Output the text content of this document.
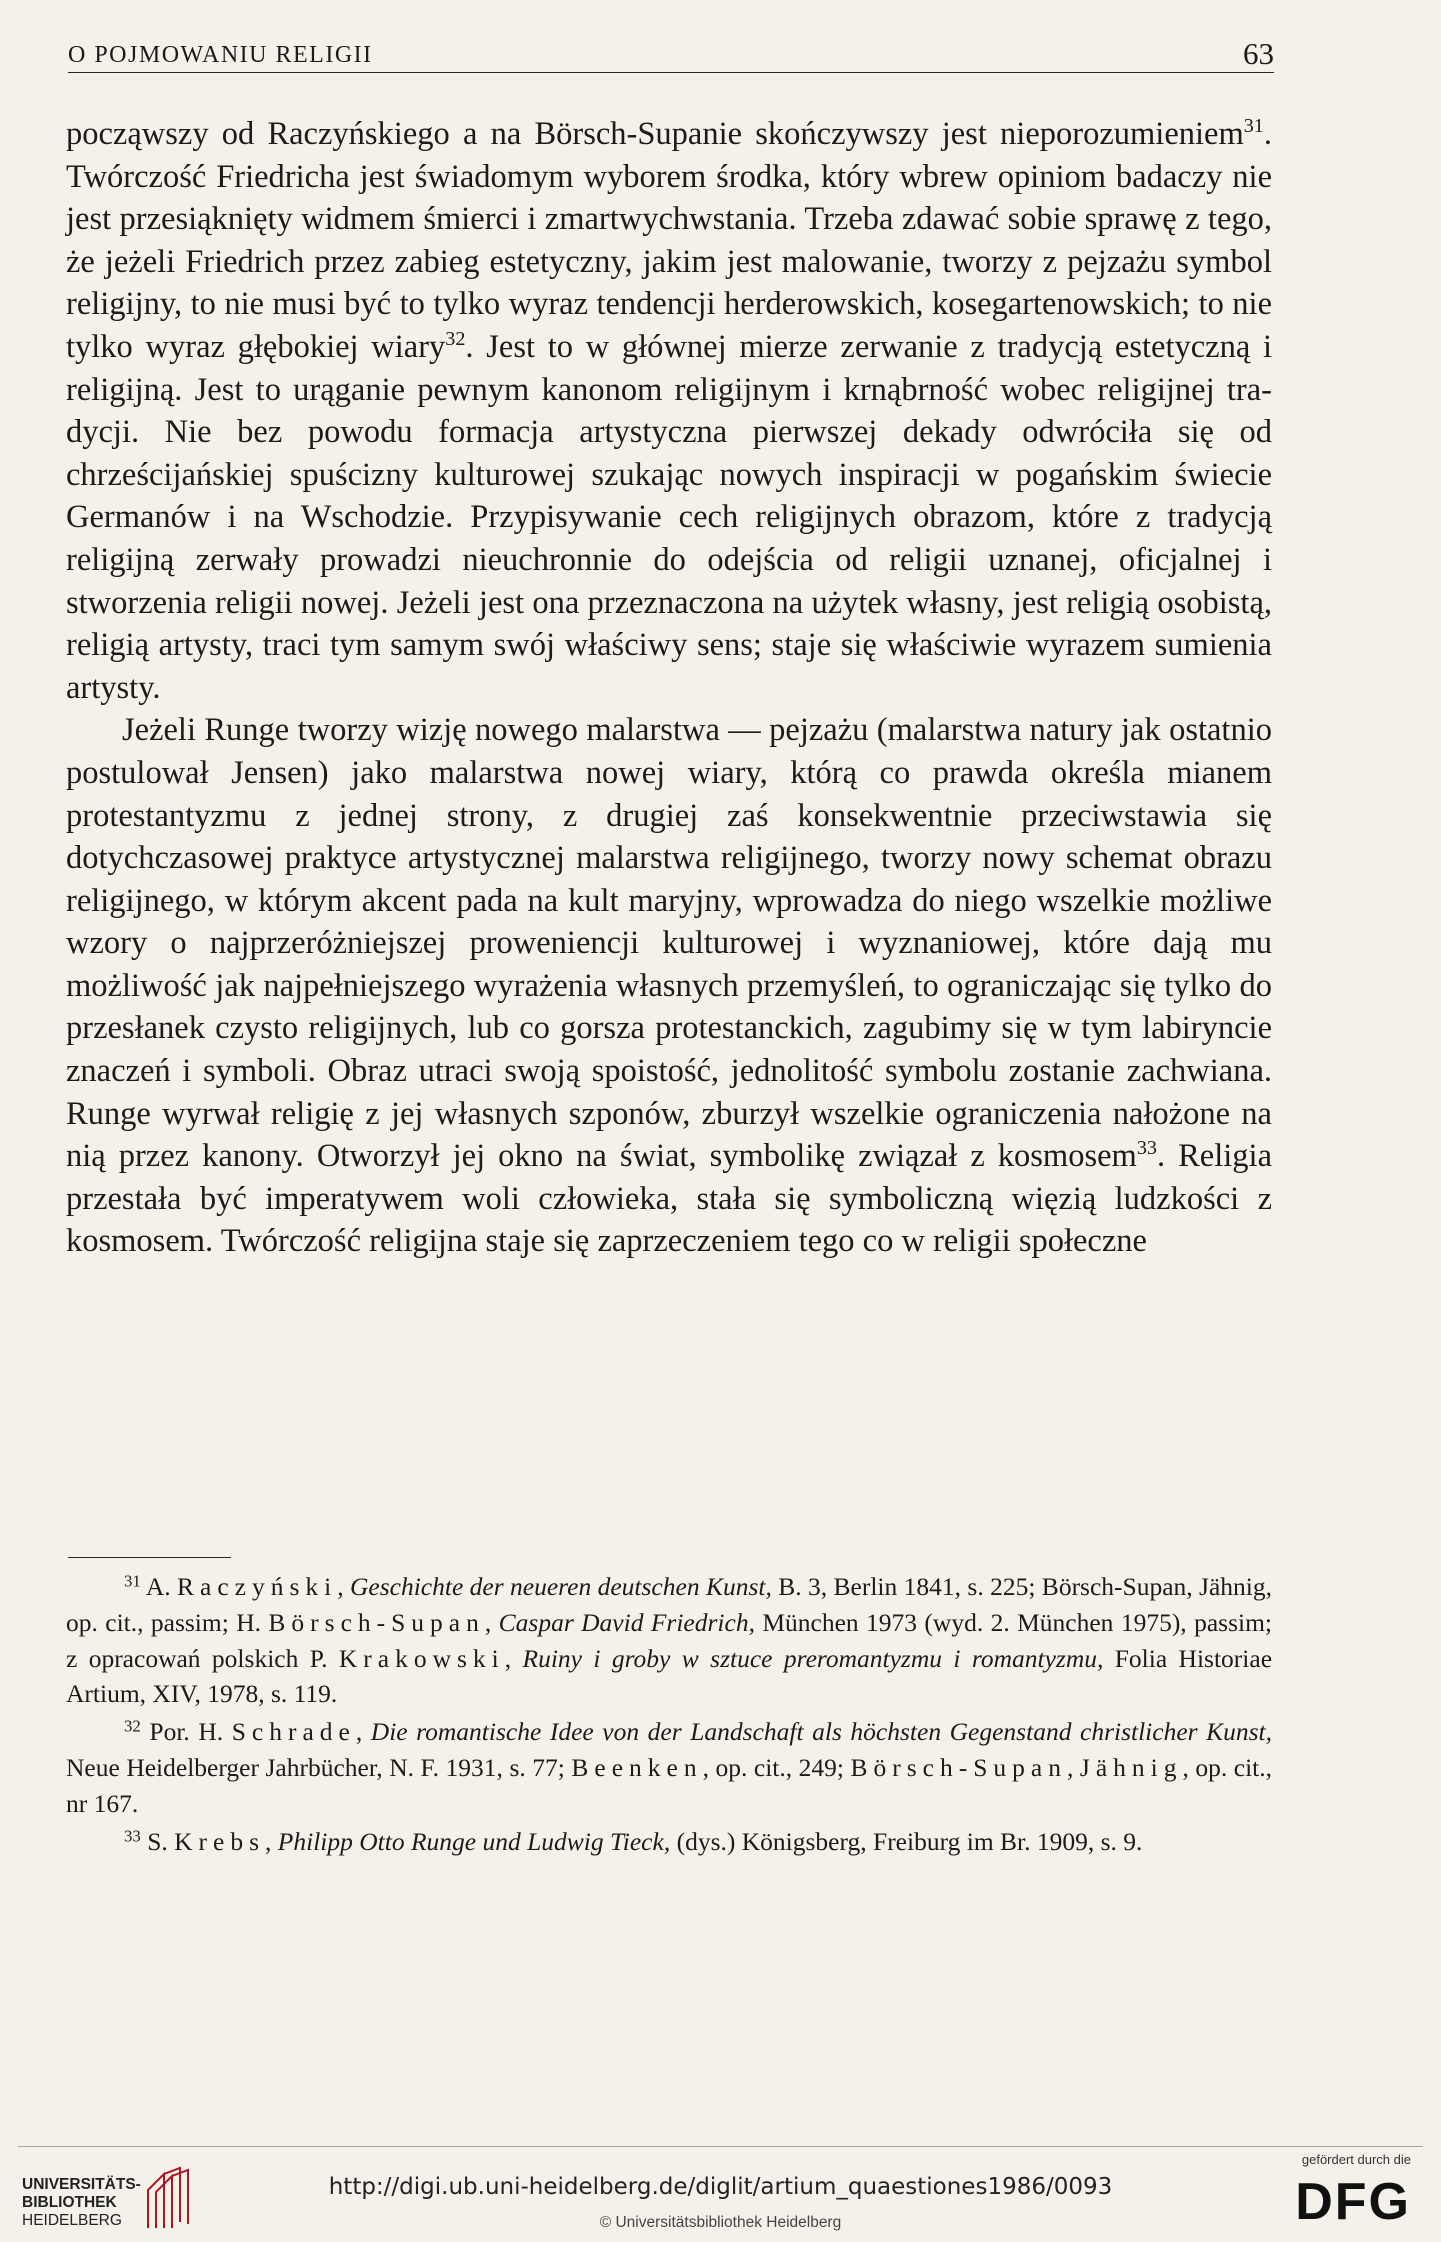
O POJMOWANIU RELIGII	63

począwszy od Raczyńskiego a na Börsch-Supanie skończywszy jest nieporozumieniem$^{31}$. Twórczość Friedricha jest świadomym wyborem środka, który wbrew opiniom badaczy nie jest przesiąknięty widmem śmierci i zmartwychwstania. Trzeba zdawać sobie sprawę z tego, że jeżeli Friedrich przez zabieg estetyczny, jakim jest malowanie, tworzy z pejzażu symbol religijny, to nie musi być to tylko wyraz tendencji herderowskich, kosegartenowskich; to nie tylko wyraz głębokiej wiary$^{32}$. Jest to w głównej mierze zerwanie z tradycją estetyczną i religijną. Jest to urąganie pewnym kanonom religijnym i krnąbrność wobec religijnej tradycji. Nie bez powodu formacja artystyczna pierwszej dekady odwróciła się od chrześcijańskiej spuścizny kulturowej szukając nowych inspiracji w pogańskim świecie Germanów i na Wschodzie. Przypisywanie cech religijnych obrazom, które z tradycją religijną zerwały prowadzi nieuchronnie do odejścia od religii uznanej, oficjalnej i stworzenia religii nowej. Jeżeli jest ona przeznaczona na użytek własny, jest religią osobistą, religią artysty, traci tym samym swój właściwy sens; staje się właściwie wyrazem sumienia artysty.

Jeżeli Runge tworzy wizję nowego malarstwa — pejzażu (malarstwa natury jak ostatnio postulował Jensen) jako malarstwa nowej wiary, którą co prawda określa mianem protestantyzmu z jednej strony, z drugiej zaś konsekwentnie przeciwstawia się dotychczasowej praktyce artystycznej malarstwa religijnego, tworzy nowy schemat obrazu religijnego, w którym akcent pada na kult maryjny, wprowadza do niego wszelkie możliwe wzory o najprzeróżniejszej proweniencji kulturowej i wyznaniowej, które dają mu możliwość jak najpełniejszego wyrażenia własnych przemyśleń, to ograniczając się tylko do przesłanek czysto religijnych, lub co gorsza protestanckich, zagubimy się w tym labiryncie znaczeń i symboli. Obraz utraci swoją spoistość, jednolitość symbolu zostanie zachwiana. Runge wyrwał religię z jej własnych szponów, zburzył wszelkie ograniczenia nałożone na nią przez kanony. Otworzył jej okno na świat, symbolikę związał z kosmosem$^{33}$. Religia przestała być imperatywem woli człowieka, stała się symboliczną więzią ludzkości z kosmosem. Twórczość religijna staje się zaprzeczeniem tego co w religii społeczne

$^{31}$ A. Raczyński, Geschichte der neueren deutschen Kunst, B. 3, Berlin 1841, s. 225; Börsch-Supan, Jähnig, op. cit., passim; H. Börsch-Supan, Caspar David Friedrich, München 1973 (wyd. 2. München 1975), passim; z opracowań polskich P. Krakowski, Ruiny i groby w sztuce preromantyzmu i romantyzmu, Folia Historiae Artium, XIV, 1978, s. 119.

$^{32}$ Por. H. Schrade, Die romantische Idee von der Landschaft als höchsten Gegenstand christlicher Kunst, Neue Heidelberger Jahrbücher, N. F. 1931, s. 77; Beenken, op. cit., 249; Börsch-Supan, Jähnig, op. cit., nr 167.

$^{33}$ S. Krebs, Philipp Otto Runge und Ludwig Tieck, (dys.) Königsberg, Freiburg im Br. 1909, s. 9.

UNIVERSITÄTS-
BIBLIOTHEK
HEIDELBERG
http://digi.ub.uni-heidelberg.de/diglit/artium_quaestiones1986/0093
© Universitätsbibliothek Heidelberg
gefördert durch die
DFG
